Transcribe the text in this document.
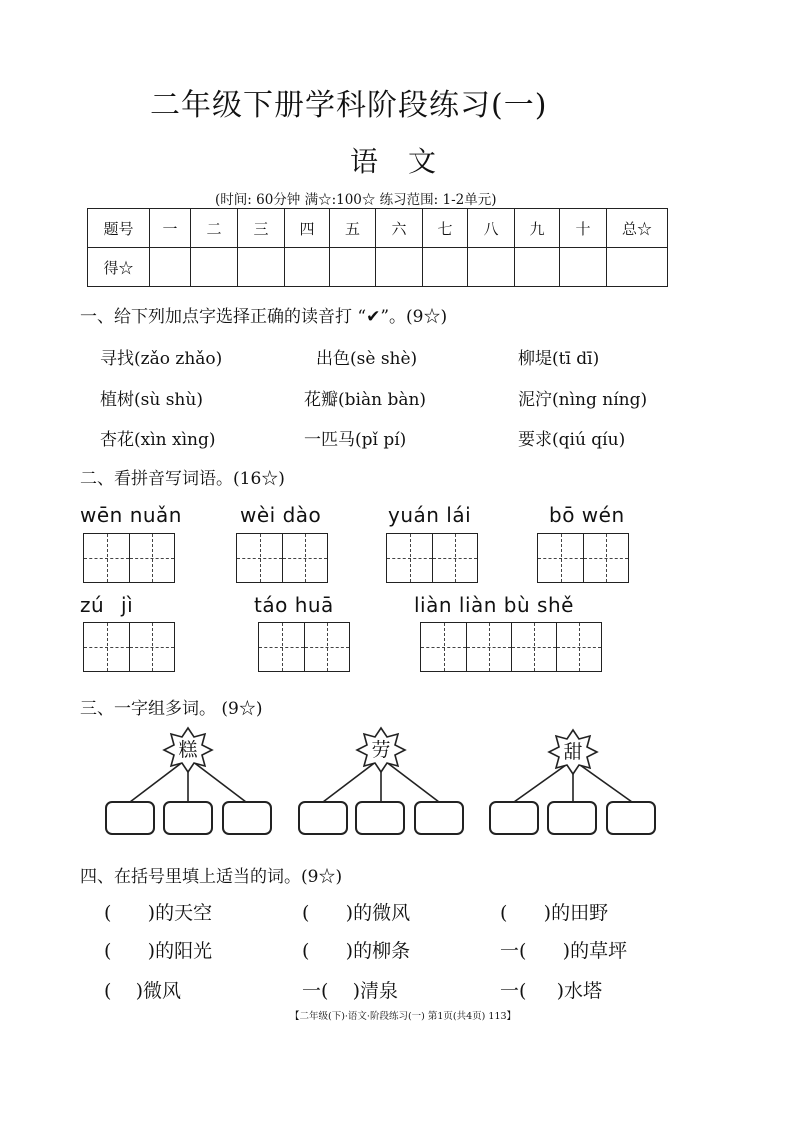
二年级下册学科阶段练习(一)
语文
(时间: 60分钟 满☆:100☆ 练习范围: 1-2单元)
题号	一	二	三	四	五	六	七	八	九	十	总☆
得☆											
一、给下列加点字选择正确的读音打 “✔”。(9☆)
寻找(zǎo zhǎo)	出色(sè shè)	柳堤(tī dī)
植树(sù shù)	花瓣(biàn bàn)	泥泞(nìng níng)
杏花(xìn xìng)	一匹马(pǐ pí)	要求(qiú qíu)
二、看拼音写词语。(16☆)
wēn nuǎn	wèi dào	yuán lái	bō wén
zú jì	táo huā	liàn liàn bù shě
三、一字组多词。 (9☆)
糕	劳	甜
四、在括号里填上适当的词。(9☆)
(      )的天空	(      )的微风	(      )的田野
(      )的阳光	(      )的柳条	一(      )的草坪
(    )微风	一(    )清泉	一(     )水塔
【二年级(下)·语文·阶段练习(一) 第1页(共4页) 113】
